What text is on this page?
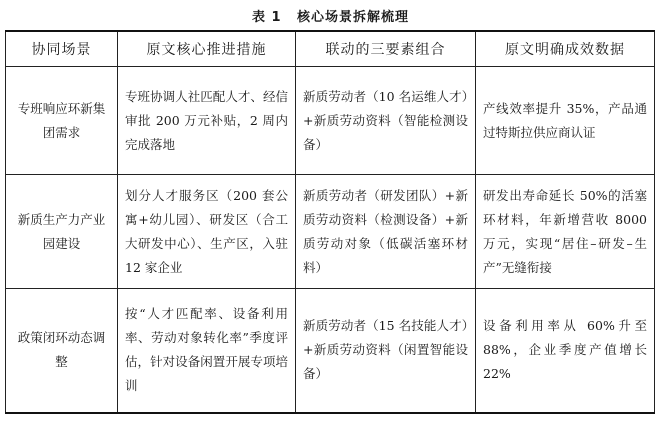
表 1 核心场景拆解梳理
协同场景	原文核心推进措施	联动的三要素组合	原文明确成效数据
专班响应环新集团需求	专班协调人社匹配人才、经信审批 200 万元补贴，2 周内完成落地	新质劳动者（10 名运维人才）+新质劳动资料（智能检测设备）	产线效率提升 35%，产品通过特斯拉供应商认证
新质生产力产业园建设	划分人才服务区（200 套公寓+幼儿园）、研发区（合工大研发中心）、生产区，入驻 12 家企业	新质劳动者（研发团队）+新质劳动资料（检测设备）+新质劳动对象（低碳活塞环材料）	研发出寿命延长 50%的活塞环材料，年新增营收 8000 万元，实现“居住–研发–生产”无缝衔接
政策闭环动态调整	按“人才匹配率、设备利用率、劳动对象转化率”季度评估，针对设备闲置开展专项培训	新质劳动者（15 名技能人才）+新质劳动资料（闲置智能设备）	设备利用率从 60%升至 88%，企业季度产值增长 22%
